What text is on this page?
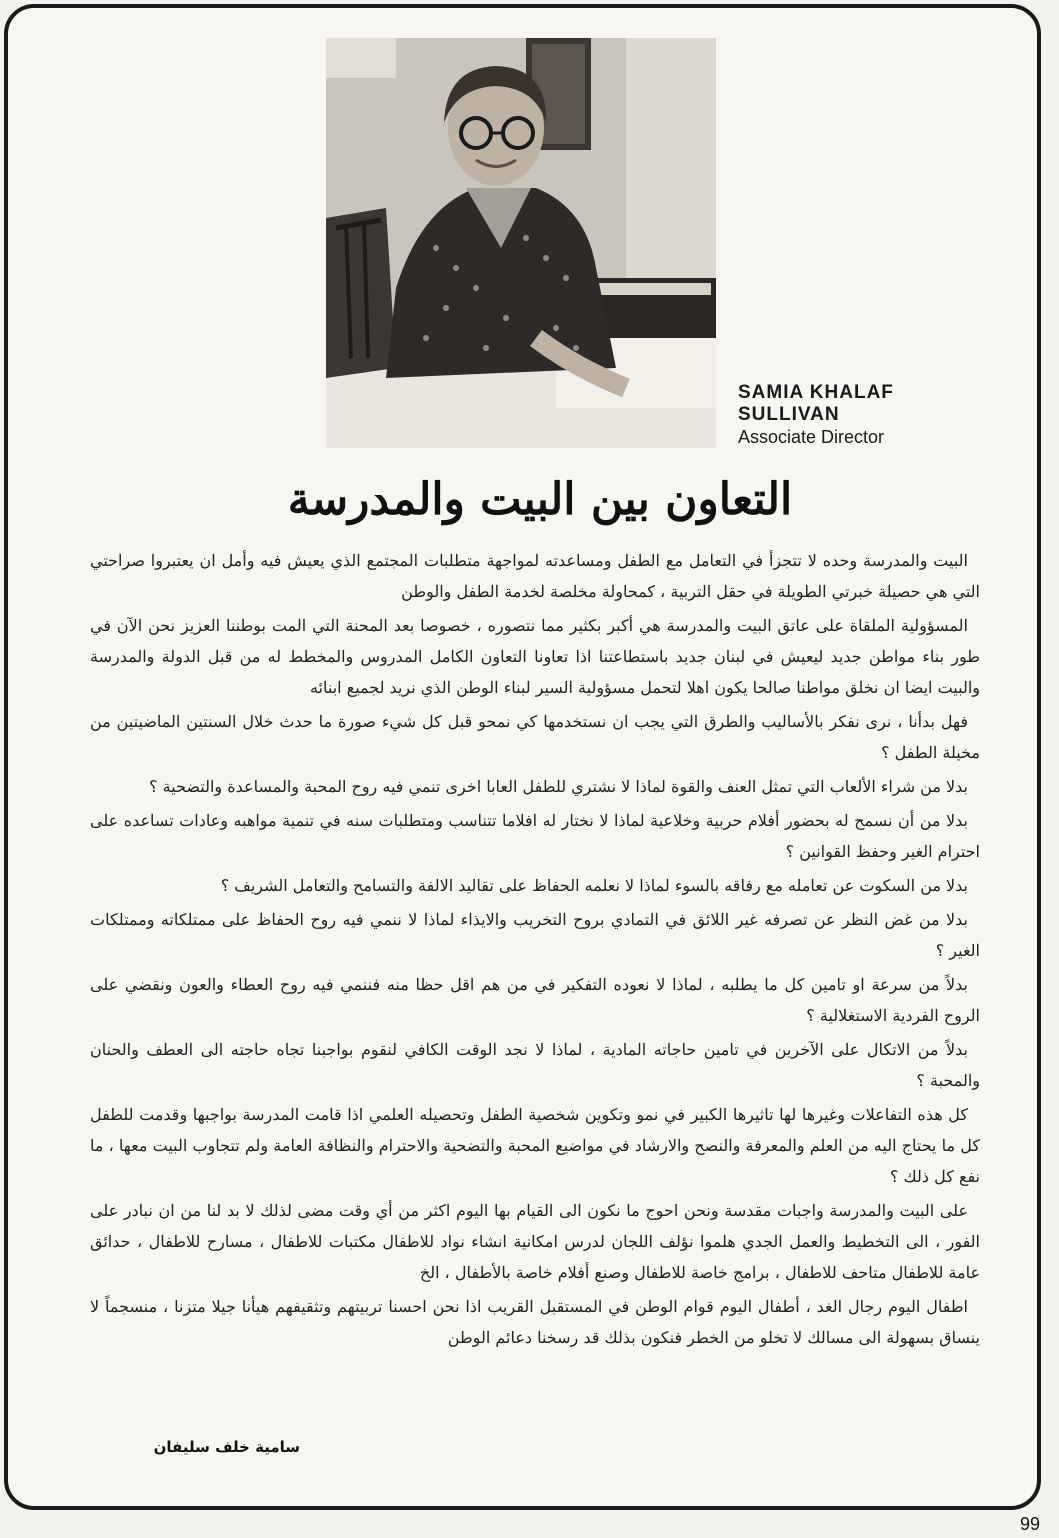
SAMIA KHALAF
SULLIVAN
Associate Director
التعاون بين البيت والمدرسة

البيت والمدرسة وحده لا تتجزأ في التعامل مع الطفل ومساعدته لمواجهة متطلبات المجتمع الذي يعيش فيه وأمل ان يعتبروا صراحتي التي هي حصيلة خبرتي الطويلة في حقل التربية ، كمحاولة مخلصة لخدمة الطفل والوطن

المسؤولية الملقاة على عاتق البيت والمدرسة هي أكبر بكثير مما نتصوره ، خصوصا بعد المحنة التي المت بوطننا العزيز نحن الآن في طور بناء مواطن جديد ليعيش في لبنان جديد باستطاعتنا اذا تعاونا التعاون الكامل المدروس والمخطط له من قبل الدولة والمدرسة والبيت ايضا ان نخلق مواطنا صالحا يكون اهلا لتحمل مسؤولية السير لبناء الوطن الذي نريد لجميع ابنائه

فهل بدأنا ، نرى نفكر بالأساليب والطرق التي يجب ان نستخدمها كي نمحو قبل كل شيء صورة ما حدث خلال السنتين الماضيتين من مخيلة الطفل ؟

بدلا من شراء الألعاب التي تمثل العنف والقوة لماذا لا نشتري للطفل العابا اخرى تنمي فيه روح المحبة والمساعدة والتضحية ؟

بدلا من أن نسمح له بحضور أفلام حربية وخلاعية لماذا لا نختار له افلاما تتناسب ومتطلبات سنه في تنمية مواهبه وعادات تساعده على احترام الغير وحفظ القوانين ؟

بدلا من السكوت عن تعامله مع رفاقه بالسوء لماذا لا نعلمه الحفاظ على تقاليد الالفة والتسامح والتعامل الشريف ؟

بدلا من غض النظر عن تصرفه غير اللائق في التمادي بروح التخريب والايذاء لماذا لا ننمي فيه روح الحفاظ على ممتلكاته وممتلكات الغير ؟

بدلاً من سرعة او تامين كل ما يطلبه ، لماذا لا نعوده التفكير في من هم اقل حظا منه فننمي فيه روح العطاء والعون ونقضي على الروح الفردية الاستغلالية ؟

بدلاً من الاتكال على الآخرين في تامين حاجاته المادية ، لماذا لا نجد الوقت الكافي لنقوم بواجبنا تجاه حاجته الى العطف والحنان والمحبة ؟

كل هذه التفاعلات وغيرها لها تاثيرها الكبير في نمو وتكوين شخصية الطفل وتحصيله العلمي اذا قامت المدرسة بواجبها وقدمت للطفل كل ما يحتاج اليه من العلم والمعرفة والنصح والارشاد في مواضيع المحبة والتضحية والاحترام والنظافة العامة ولم تتجاوب البيت معها ، ما نفع كل ذلك ؟

على البيت والمدرسة واجبات مقدسة ونحن احوج ما نكون الى القيام بها اليوم اكثر من أي وقت مضى لذلك لا بد لنا من ان نبادر على الفور ، الى التخطيط والعمل الجدي هلموا نؤلف اللجان لدرس امكانية انشاء نواد للاطفال مكتبات للاطفال ، مسارح للاطفال ، حدائق عامة للاطفال متاحف للاطفال ، برامج خاصة للاطفال وصنع أفلام خاصة بالأطفال ، الخ

اطفال اليوم رجال الغد ، أطفال اليوم قوام الوطن في المستقبل القريب اذا نحن احسنا تربيتهم وتثقيفهم هيأنا جيلا متزنا ، منسجماً لا ينساق بسهولة الى مسالك لا تخلو من الخطر فنكون بذلك قد رسخنا دعائم الوطن

سامية خلف سليفان
99
